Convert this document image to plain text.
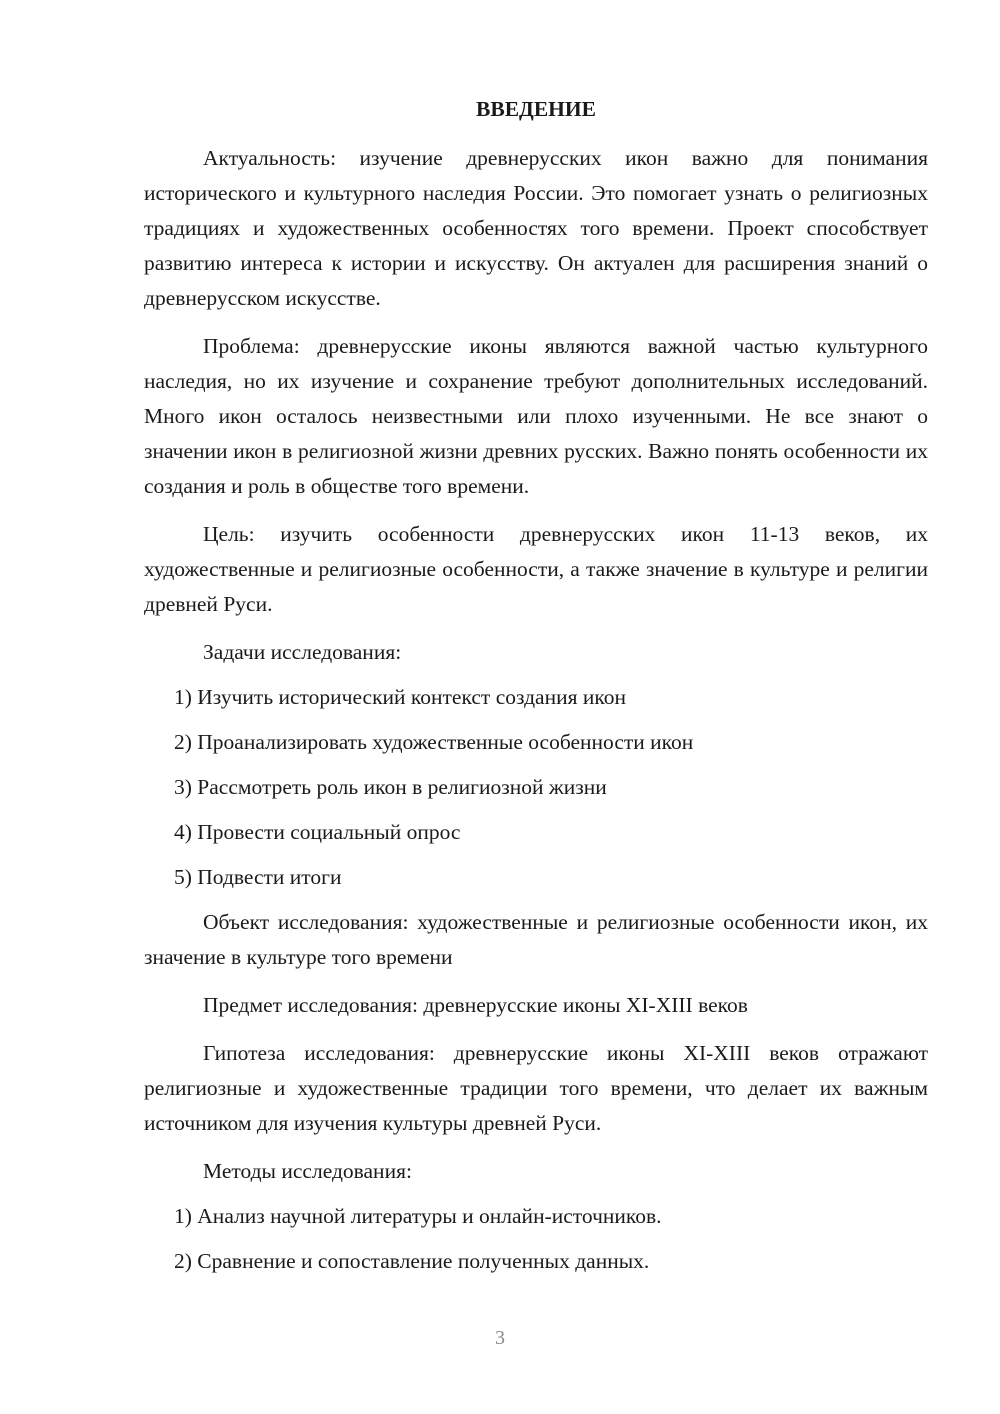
ВВЕДЕНИЕ

Актуальность: изучение древнерусских икон важно для понимания исторического и культурного наследия России. Это помогает узнать о религиозных традициях и художественных особенностях того времени. Проект способствует развитию интереса к истории и искусству. Он актуален для расширения знаний о древнерусском искусстве.

Проблема: древнерусские иконы являются важной частью культурного наследия, но их изучение и сохранение требуют дополнительных исследований. Много икон осталось неизвестными или плохо изученными. Не все знают о значении икон в религиозной жизни древних русских. Важно понять особенности их создания и роль в обществе того времени.

Цель: изучить особенности древнерусских икон 11-13 веков, их художественные и религиозные особенности, а также значение в культуре и религии древней Руси.

Задачи исследования:

1) Изучить исторический контекст создания икон
2) Проанализировать художественные особенности икон
3) Рассмотреть роль икон в религиозной жизни
4) Провести социальный опрос
5) Подвести итоги

Объект исследования: художественные и религиозные особенности икон, их значение в культуре того времени

Предмет исследования: древнерусские иконы XI-XIII веков

Гипотеза исследования: древнерусские иконы XI-XIII веков отражают религиозные и художественные традиции того времени, что делает их важным источником для изучения культуры древней Руси.

Методы исследования:

1) Анализ научной литературы и онлайн-источников.
2) Сравнение и сопоставление полученных данных.
3
